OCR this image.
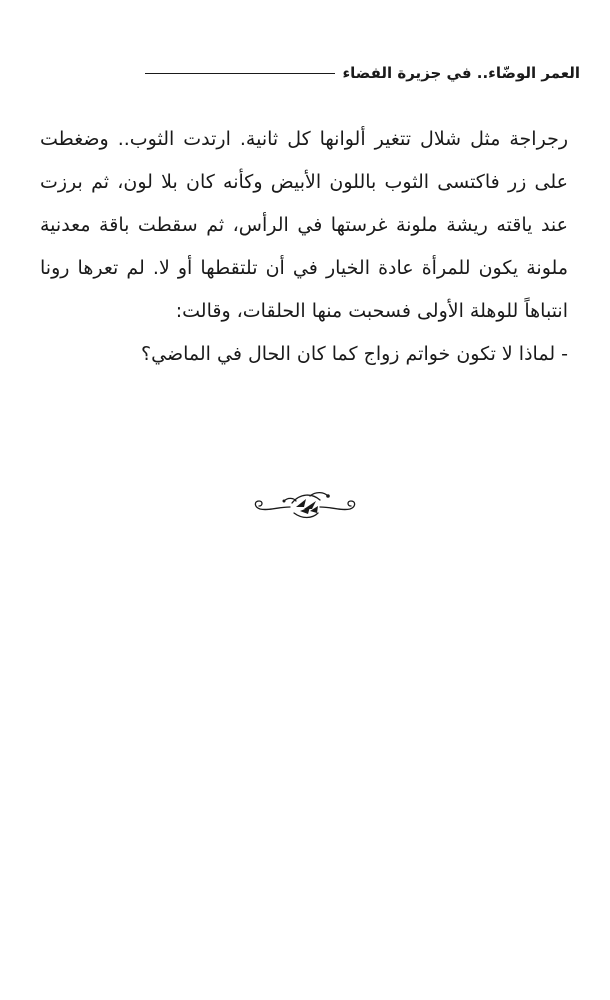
العمر الوضّاء.. في جزيرة الفضاء

رجراجة مثل شلال تتغير ألوانها كل ثانية. ارتدت الثوب.. وضغطت على زر فاكتسى الثوب باللون الأبيض وكأنه كان بلا لون، ثم برزت عند ياقته ريشة ملونة غرستها في الرأس، ثم سقطت باقة معدنية ملونة يكون للمرأة عادة الخيار في أن تلتقطها أو لا. لم تعرها رونا انتباهاً للوهلة الأولى فسحبت منها الحلقات، وقالت:

- لماذا لا تكون خواتم زواج كما كان الحال في الماضي؟
